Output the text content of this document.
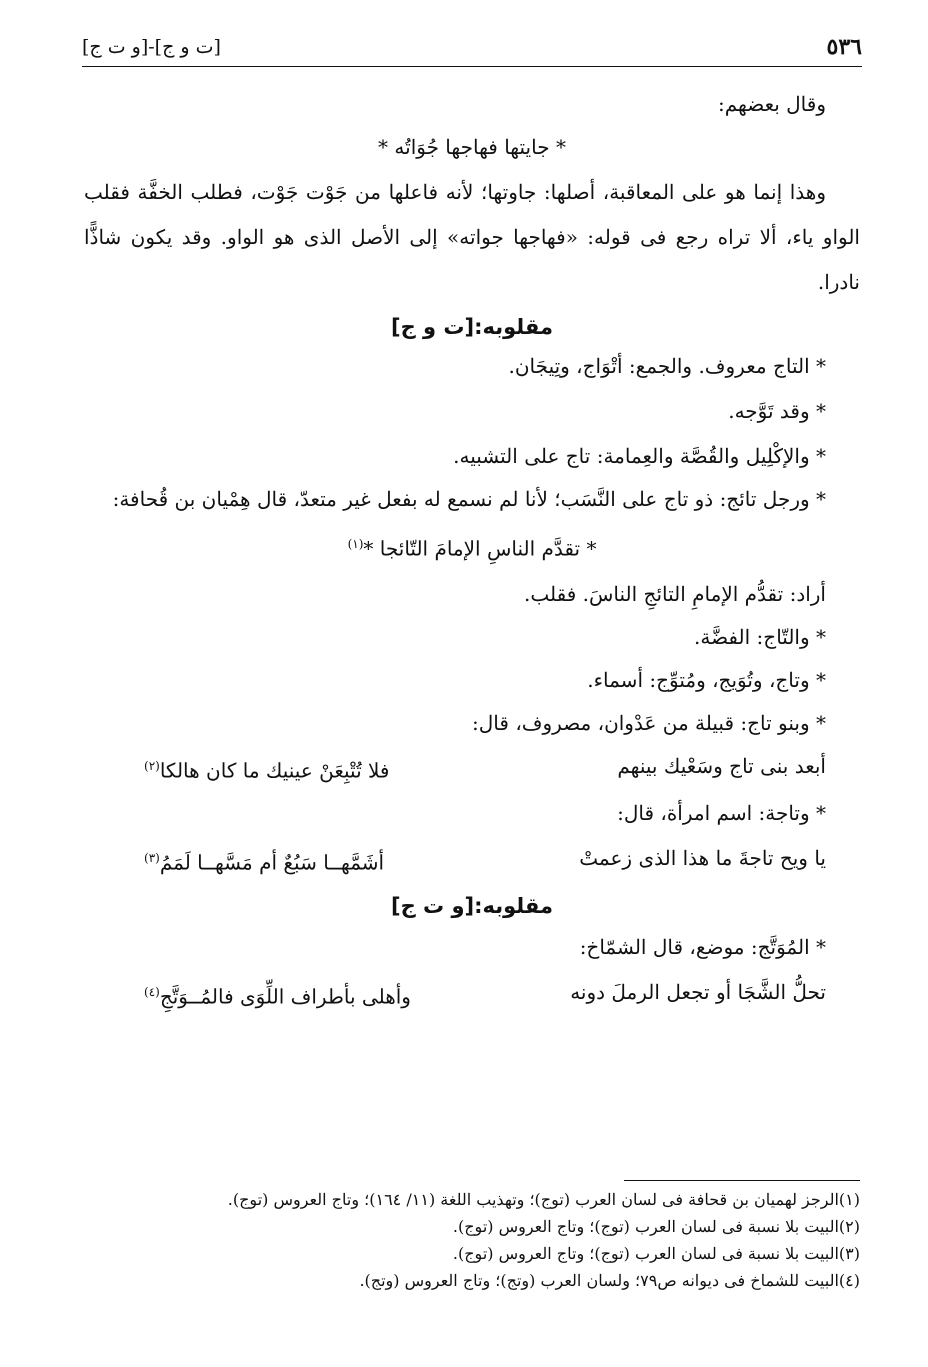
٥٣٦
[ت و ج]-[و ت ج]
وقال بعضهم:
* جايتها فهاجها جُوَاتُه *

وهذا إنما هو على المعاقبة، أصلها: جاوتها؛ لأنه فاعلها من جَوْت جَوْت، فطلب الخفَّة فقلب الواو ياء، ألا تراه رجع فى قوله: «فهاجها جواته» إلى الأصل الذى هو الواو. وقد يكون شاذًّا نادرا.

مقلوبه:[ت و ج]
* التاج معروف. والجمع: أتْوَاج، وتِيجَان.
* وقد تَوَّجه.
* والإكْلِيل والقُصَّة والعِمامة: تاج على التشبيه.

* ورجل تائج: ذو تاج على النَّسَب؛ لأنا لم نسمع له بفعل غير متعدّ، قال هِمْيان بن قُحافة:

* تقدَّم الناسِ الإمامَ التّائجا *$^{(١)}$
أراد: تقدُّم الإمامِ التائجِ الناسَ. فقلب.
* والتّاج: الفضَّة.
* وتاج، وتُوَيج، ومُتوِّج: أسماء.
* وبنو تاج: قبيلة من عَدْوان، مصروف، قال:
أبعد بنى تاج وسَعْيك بينهم
فلا تُتْبِعَنْ عينيك ما كان هالكا$^{(٢)}$
* وتاجة: اسم امرأة، قال:
يا ويح تاجةَ ما هذا الذى زعمتْ
أشَمَّهــا سَبُعٌ أم مَسَّهــا لَمَمُ$^{(٣)}$
مقلوبه:[و ت ج]
* المُوَتَّج: موضع، قال الشمّاخ:
تحلُّ الشَّجَا أو تجعل الرملَ دونه
وأهلى بأطراف اللِّوَى فالمُــوَتَّجِ$^{(٤)}$
(١)الرجز لهميان بن قحافة فى لسان العرب (توج)؛ وتهذيب اللغة (١١/ ١٦٤)؛ وتاج العروس (توج).
(٢)البيت بلا نسبة فى لسان العرب (توج)؛ وتاج العروس (توج).
(٣)البيت بلا نسبة فى لسان العرب (توج)؛ وتاج العروس (توج).
(٤)البيت للشماخ فى ديوانه ص٧٩؛ ولسان العرب (وتج)؛ وتاج العروس (وتج).
